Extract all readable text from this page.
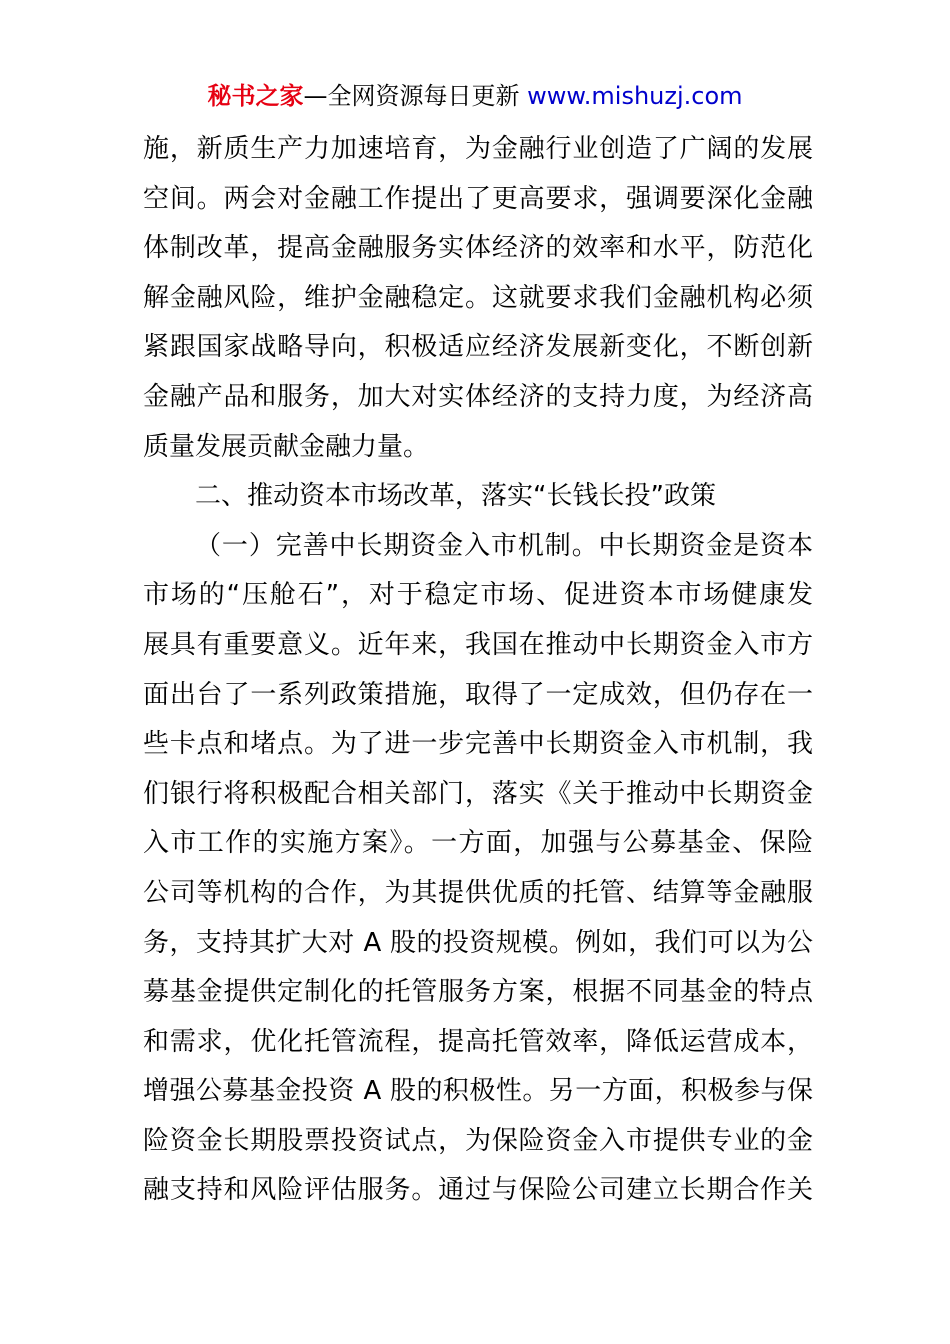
秘书之家—全网资源每日更新 www.mishuzj.com
施，新质生产力加速培育，为金融行业创造了广阔的发展
空间。两会对金融工作提出了更高要求，强调要深化金融
体制改革，提高金融服务实体经济的效率和水平，防范化
解金融风险，维护金融稳定。这就要求我们金融机构必须
紧跟国家战略导向，积极适应经济发展新变化，不断创新
金融产品和服务，加大对实体经济的支持力度，为经济高
质量发展贡献金融力量。
二、推动资本市场改革，落实“长钱长投”政策
（一）完善中长期资金入市机制。中长期资金是资本
市场的“压舱石”，对于稳定市场、促进资本市场健康发
展具有重要意义。近年来，我国在推动中长期资金入市方
面出台了一系列政策措施，取得了一定成效，但仍存在一
些卡点和堵点。为了进一步完善中长期资金入市机制，我
们银行将积极配合相关部门，落实《关于推动中长期资金
入市工作的实施方案》。一方面，加强与公募基金、保险
公司等机构的合作，为其提供优质的托管、结算等金融服
务，支持其扩大对 A 股的投资规模。例如，我们可以为公
募基金提供定制化的托管服务方案，根据不同基金的特点
和需求，优化托管流程，提高托管效率，降低运营成本，
增强公募基金投资 A 股的积极性。另一方面，积极参与保
险资金长期股票投资试点，为保险资金入市提供专业的金
融支持和风险评估服务。通过与保险公司建立长期合作关
